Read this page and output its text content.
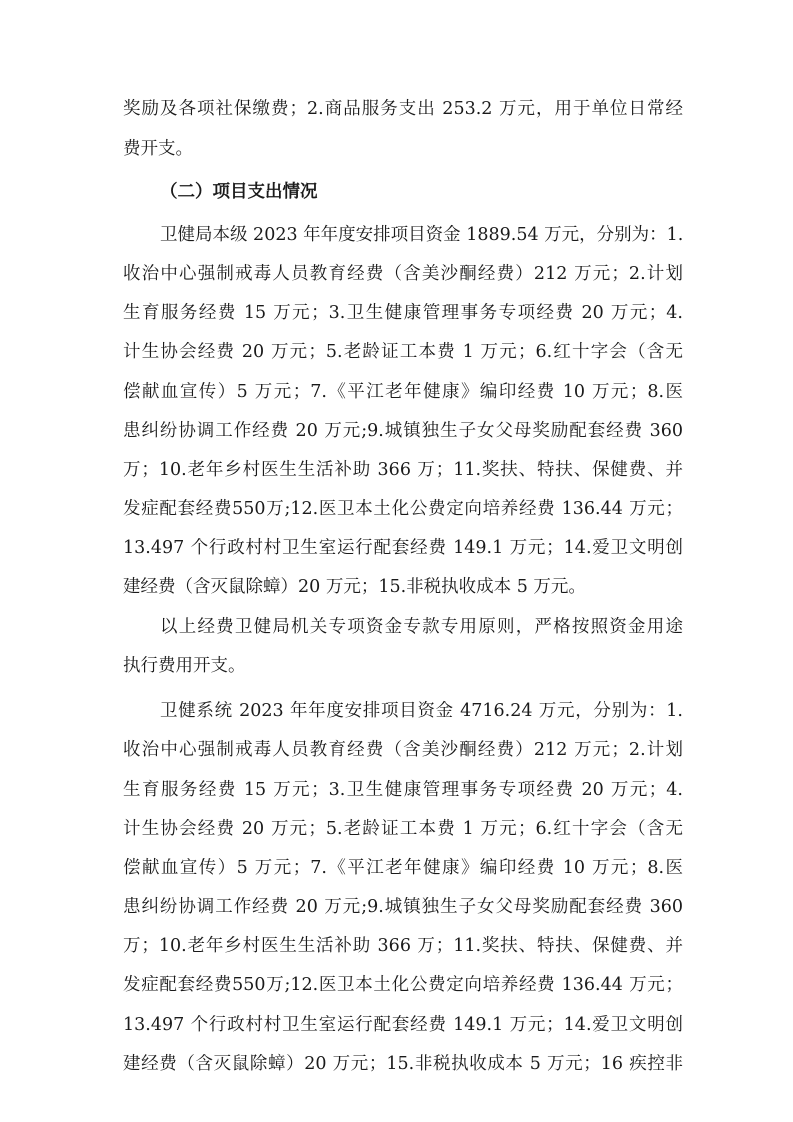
奖励及各项社保缴费；2.商品服务支出 253.2 万元，用于单位日常经
费开支。
（二）项目支出情况
卫健局本级 2023 年年度安排项目资金 1889.54 万元，分别为：1.
收治中心强制戒毒人员教育经费（含美沙酮经费）212 万元；2.计划
生育服务经费 15 万元；3.卫生健康管理事务专项经费 20 万元；4.
计生协会经费 20 万元；5.老龄证工本费 1 万元；6.红十字会（含无
偿献血宣传）5 万元；7.《平江老年健康》编印经费 10 万元；8.医
患纠纷协调工作经费 20 万元;9.城镇独生子女父母奖励配套经费 360
万；10.老年乡村医生生活补助 366 万；11.奖扶、特扶、保健费、并
发症配套经费550万;12.医卫本土化公费定向培养经费 136.44 万元；
13.497 个行政村村卫生室运行配套经费 149.1 万元；14.爱卫文明创
建经费（含灭鼠除蟑）20 万元；15.非税执收成本 5 万元。
以上经费卫健局机关专项资金专款专用原则，严格按照资金用途
执行费用开支。
卫健系统 2023 年年度安排项目资金 4716.24 万元，分别为：1.
收治中心强制戒毒人员教育经费（含美沙酮经费）212 万元；2.计划
生育服务经费 15 万元；3.卫生健康管理事务专项经费 20 万元；4.
计生协会经费 20 万元；5.老龄证工本费 1 万元；6.红十字会（含无
偿献血宣传）5 万元；7.《平江老年健康》编印经费 10 万元；8.医
患纠纷协调工作经费 20 万元;9.城镇独生子女父母奖励配套经费 360
万；10.老年乡村医生生活补助 366 万；11.奖扶、特扶、保健费、并
发症配套经费550万;12.医卫本土化公费定向培养经费 136.44 万元；
13.497 个行政村村卫生室运行配套经费 149.1 万元；14.爱卫文明创
建经费（含灭鼠除蟑）20 万元；15.非税执收成本 5 万元；16 疾控非
